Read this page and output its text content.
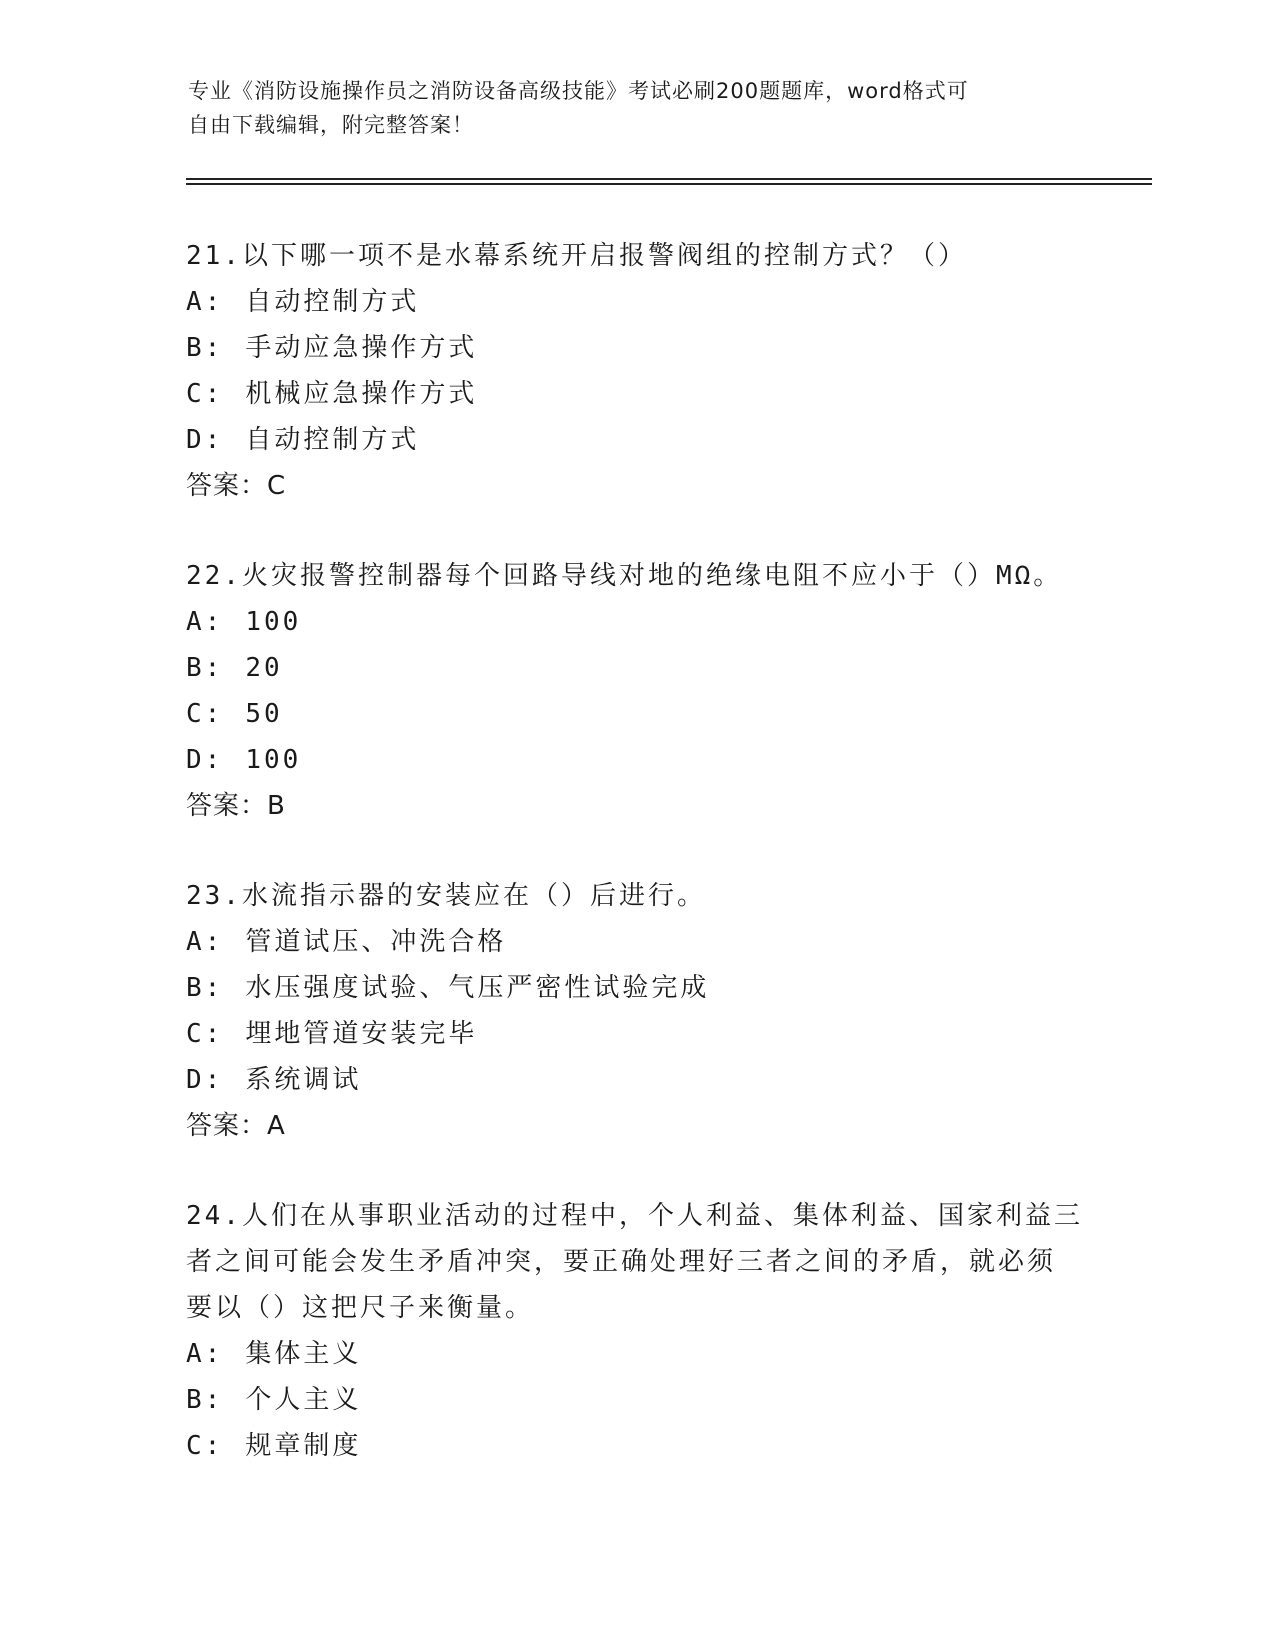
专业《消防设施操作员之消防设备高级技能》考试必刷200题题库，word格式可
自由下载编辑，附完整答案！

21.以下哪一项不是水幕系统开启报警阀组的控制方式？（）

A: 自动控制方式

B: 手动应急操作方式

C: 机械应急操作方式

D: 自动控制方式

答案：C

22.火灾报警控制器每个回路导线对地的绝缘电阻不应小于（）MΩ。

A: 100

B: 20

C: 50

D: 100

答案：B

23.水流指示器的安装应在（）后进行。

A: 管道试压、冲洗合格

B: 水压强度试验、气压严密性试验完成

C: 埋地管道安装完毕

D: 系统调试

答案：A

24.人们在从事职业活动的过程中，个人利益、集体利益、国家利益三

者之间可能会发生矛盾冲突，要正确处理好三者之间的矛盾，就必须

要以（）这把尺子来衡量。

A: 集体主义

B: 个人主义

C: 规章制度
